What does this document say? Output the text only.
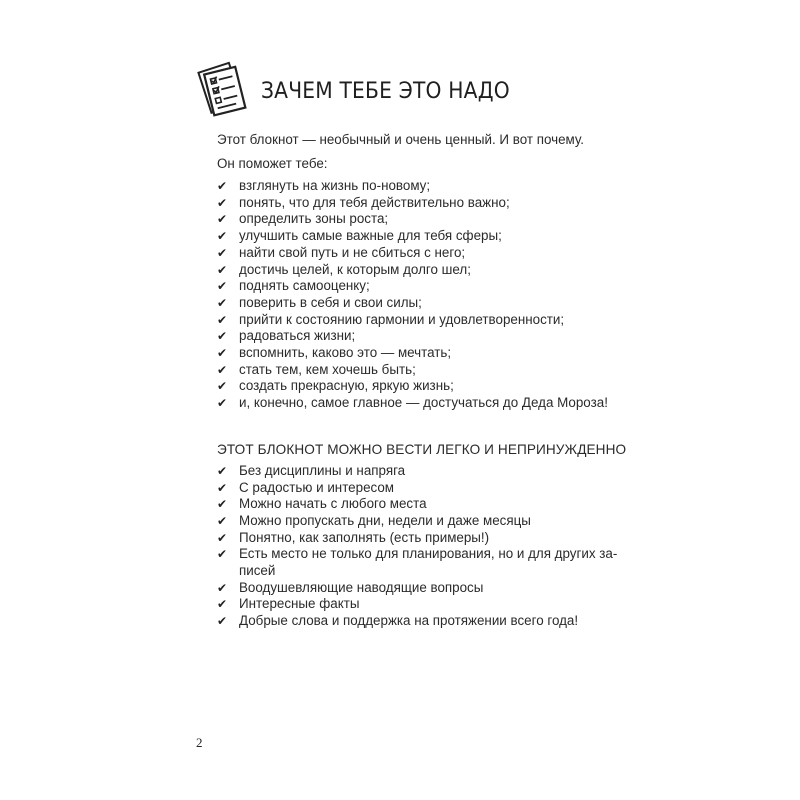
ЗАЧЕМ ТЕБЕ ЭТО НАДО

Этот блокнот — необычный и очень ценный. И вот почему.

Он поможет тебе:

✔ взглянуть на жизнь по-новому;
✔ понять, что для тебя действительно важно;
✔ определить зоны роста;
✔ улучшить самые важные для тебя сферы;
✔ найти свой путь и не сбиться с него;
✔ достичь целей, к которым долго шел;
✔ поднять самооценку;
✔ поверить в себя и свои силы;
✔ прийти к состоянию гармонии и удовлетворенности;
✔ радоваться жизни;
✔ вспомнить, каково это — мечтать;
✔ стать тем, кем хочешь быть;
✔ создать прекрасную, яркую жизнь;
✔ и, конечно, самое главное — достучаться до Деда Мороза!
ЭТОТ БЛОКНОТ МОЖНО ВЕСТИ ЛЕГКО И НЕПРИНУЖДЕННО
✔ Без дисциплины и напряга
✔ С радостью и интересом
✔ Можно начать с любого места
✔ Можно пропускать дни, недели и даже месяцы
✔ Понятно, как заполнять (есть примеры!)
✔ Есть место не только для планирования, но и для других за-писей
✔ Воодушевляющие наводящие вопросы
✔ Интересные факты
✔ Добрые слова и поддержка на протяжении всего года!
2
